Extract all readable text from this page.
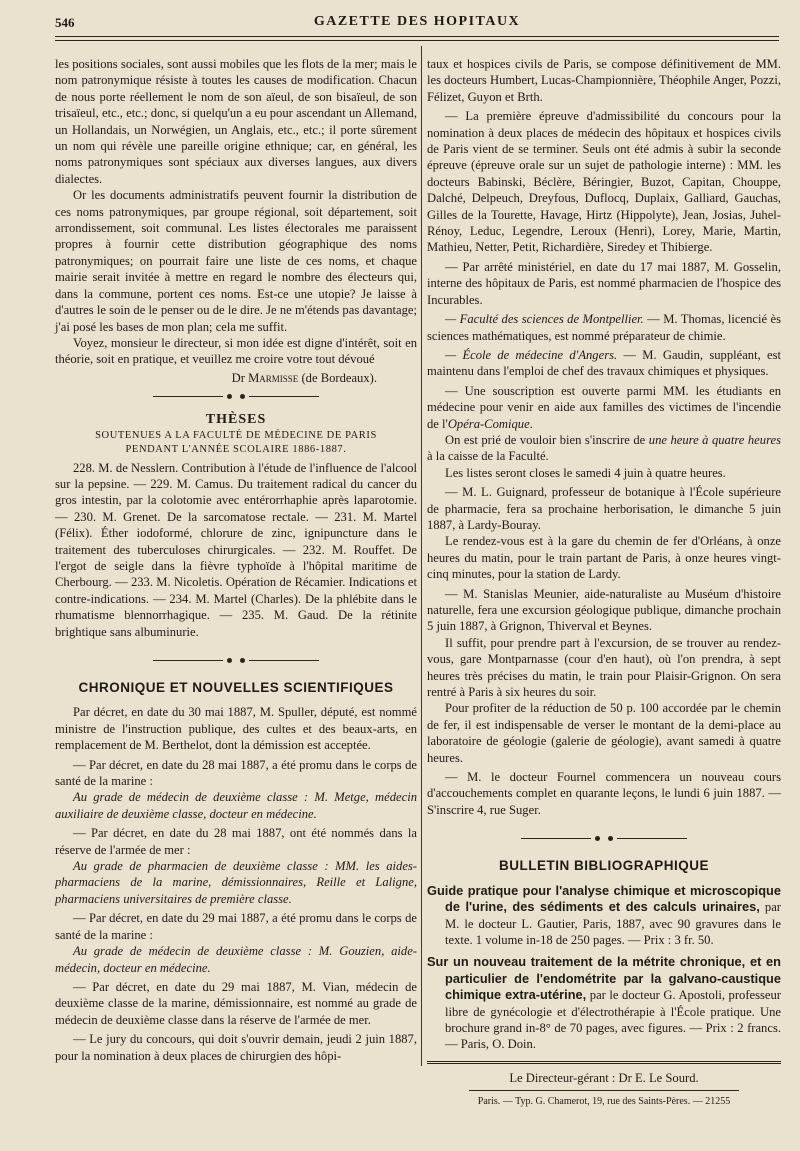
546	GAZETTE DES HOPITAUX

les positions sociales, sont aussi mobiles que les flots de la mer; mais le nom patronymique résiste à toutes les causes de modification. Chacun de nous porte réellement le nom de son aïeul, de son bisaïeul, de son trisaïeul, etc., etc.; donc, si quelqu'un a eu pour ascendant un Allemand, un Hollandais, un Norwégien, un Anglais, etc., etc.; il porte sûrement un nom qui révèle une pareille origine ethnique; car, en général, les noms patronymiques sont spéciaux aux diverses langues, aux divers dialectes.

Or les documents administratifs peuvent fournir la distribution de ces noms patronymiques, par groupe régional, soit département, soit arrondissement, soit communal. Les listes électorales me paraissent propres à fournir cette distribution géographique des noms patronymiques; on pourrait faire une liste de ces noms, et chaque mairie serait invitée à mettre en regard le nombre des électeurs qui, dans la commune, portent ces noms. Est-ce une utopie? Je laisse à d'autres le soin de le penser ou de le dire. Je ne m'étends pas davantage; j'ai posé les bases de mon plan; cela me suffit.

Voyez, monsieur le directeur, si mon idée est digne d'intérêt, soit en théorie, soit en pratique, et veuillez me croire votre tout dévoué

Dr Marmisse (de Bordeaux).
THÈSES
SOUTENUES A LA FACULTÉ DE MÉDECINE DE PARIS
PENDANT L'ANNÉE SCOLAIRE 1886-1887.

228. M. de Nesslern. Contribution à l'étude de l'influence de l'alcool sur la pepsine. — 229. M. Camus. Du traitement radical du cancer du gros intestin, par la colotomie avec entérorrhaphie après laparotomie. — 230. M. Grenet. De la sarcomatose rectale. — 231. M. Martel (Félix). Éther iodoformé, chlorure de zinc, ignipuncture dans le traitement des tuberculoses chirurgicales. — 232. M. Rouffet. De l'ergot de seigle dans la fièvre typhoïde à l'hôpital maritime de Cherbourg. — 233. M. Nicoletis. Opération de Récamier. Indications et contre-indications. — 234. M. Martel (Charles). De la phlébite dans le rhumatisme blennorrhagique. — 235. M. Gaud. De la rétinite brightique sans albuminurie.

CHRONIQUE ET NOUVELLES SCIENTIFIQUES

Par décret, en date du 30 mai 1887, M. Spuller, député, est nommé ministre de l'instruction publique, des cultes et des beaux-arts, en remplacement de M. Berthelot, dont la démission est acceptée.

— Par décret, en date du 28 mai 1887, a été promu dans le corps de santé de la marine :

Au grade de médecin de deuxième classe : M. Metge, médecin auxiliaire de deuxième classe, docteur en médecine.

— Par décret, en date du 28 mai 1887, ont été nommés dans la réserve de l'armée de mer :

Au grade de pharmacien de deuxième classe : MM. les aides-pharmaciens de la marine, démissionnaires, Reille et Laligne, pharmaciens universitaires de première classe.

— Par décret, en date du 29 mai 1887, a été promu dans le corps de santé de la marine :

Au grade de médecin de deuxième classe : M. Gouzien, aide-médecin, docteur en médecine.

— Par décret, en date du 29 mai 1887, M. Vian, médecin de deuxième classe de la marine, démissionnaire, est nommé au grade de médecin de deuxième classe dans la réserve de l'armée de mer.

— Le jury du concours, qui doit s'ouvrir demain, jeudi 2 juin 1887, pour la nomination à deux places de chirurgien des hôpi-

taux et hospices civils de Paris, se compose définitivement de MM. les docteurs Humbert, Lucas-Championnière, Théophile Anger, Pozzi, Félizet, Guyon et Brth.

— La première épreuve d'admissibilité du concours pour la nomination à deux places de médecin des hôpitaux et hospices civils de Paris vient de se terminer. Seuls ont été admis à subir la seconde épreuve (épreuve orale sur un sujet de pathologie interne) : MM. les docteurs Babinski, Béclère, Béringier, Buzot, Capitan, Chouppe, Dalché, Delpeuch, Dreyfous, Duflocq, Duplaix, Galliard, Gauchas, Gilles de la Tourette, Havage, Hirtz (Hippolyte), Jean, Josias, Juhel-Rénoy, Leduc, Legendre, Leroux (Henri), Lorey, Marie, Martin, Mathieu, Netter, Petit, Richardière, Siredey et Thibierge.

— Par arrêté ministériel, en date du 17 mai 1887, M. Gosselin, interne des hôpitaux de Paris, est nommé pharmacien de l'hospice des Incurables.

— Faculté des sciences de Montpellier. — M. Thomas, licencié ès sciences mathématiques, est nommé préparateur de chimie.

— École de médecine d'Angers. — M. Gaudin, suppléant, est maintenu dans l'emploi de chef des travaux chimiques et physiques.

— Une souscription est ouverte parmi MM. les étudiants en médecine pour venir en aide aux familles des victimes de l'incendie de l'Opéra-Comique.

On est prié de vouloir bien s'inscrire de une heure à quatre heures à la caisse de la Faculté.

Les listes seront closes le samedi 4 juin à quatre heures.

— M. L. Guignard, professeur de botanique à l'École supérieure de pharmacie, fera sa prochaine herborisation, le dimanche 5 juin 1887, à Lardy-Bouray.

Le rendez-vous est à la gare du chemin de fer d'Orléans, à onze heures du matin, pour le train partant de Paris, à onze heures vingt-cinq minutes, pour la station de Lardy.

— M. Stanislas Meunier, aide-naturaliste au Muséum d'histoire naturelle, fera une excursion géologique publique, dimanche prochain 5 juin 1887, à Grignon, Thiverval et Beynes.

Il suffit, pour prendre part à l'excursion, de se trouver au rendez-vous, gare Montparnasse (cour d'en haut), où l'on prendra, à sept heures très précises du matin, le train pour Plaisir-Grignon. On sera rentré à Paris à six heures du soir.

Pour profiter de la réduction de 50 p. 100 accordée par le chemin de fer, il est indispensable de verser le montant de la demi-place au laboratoire de géologie (galerie de géologie), avant samedi à quatre heures.

— M. le docteur Fournel commencera un nouveau cours d'accouchements complet en quarante leçons, le lundi 6 juin 1887. — S'inscrire 4, rue Suger.

BULLETIN BIBLIOGRAPHIQUE

Guide pratique pour l'analyse chimique et microscopique de l'urine, des sédiments et des calculs urinaires, par M. le docteur L. Gautier, Paris, 1887, avec 90 gravures dans le texte. 1 volume in-18 de 250 pages. — Prix : 3 fr. 50.

Sur un nouveau traitement de la métrite chronique, et en particulier de l'endométrite par la galvano-caustique chimique extra-utérine, par le docteur G. Apostoli, professeur libre de gynécologie et d'électrothérapie à l'École pratique. Une brochure grand in-8° de 70 pages, avec figures. — Prix : 2 francs. — Paris, O. Doin.

Le Directeur-gérant : Dr E. Le Sourd.
Paris. — Typ. G. Chamerot, 19, rue des Saints-Pères. — 21255
